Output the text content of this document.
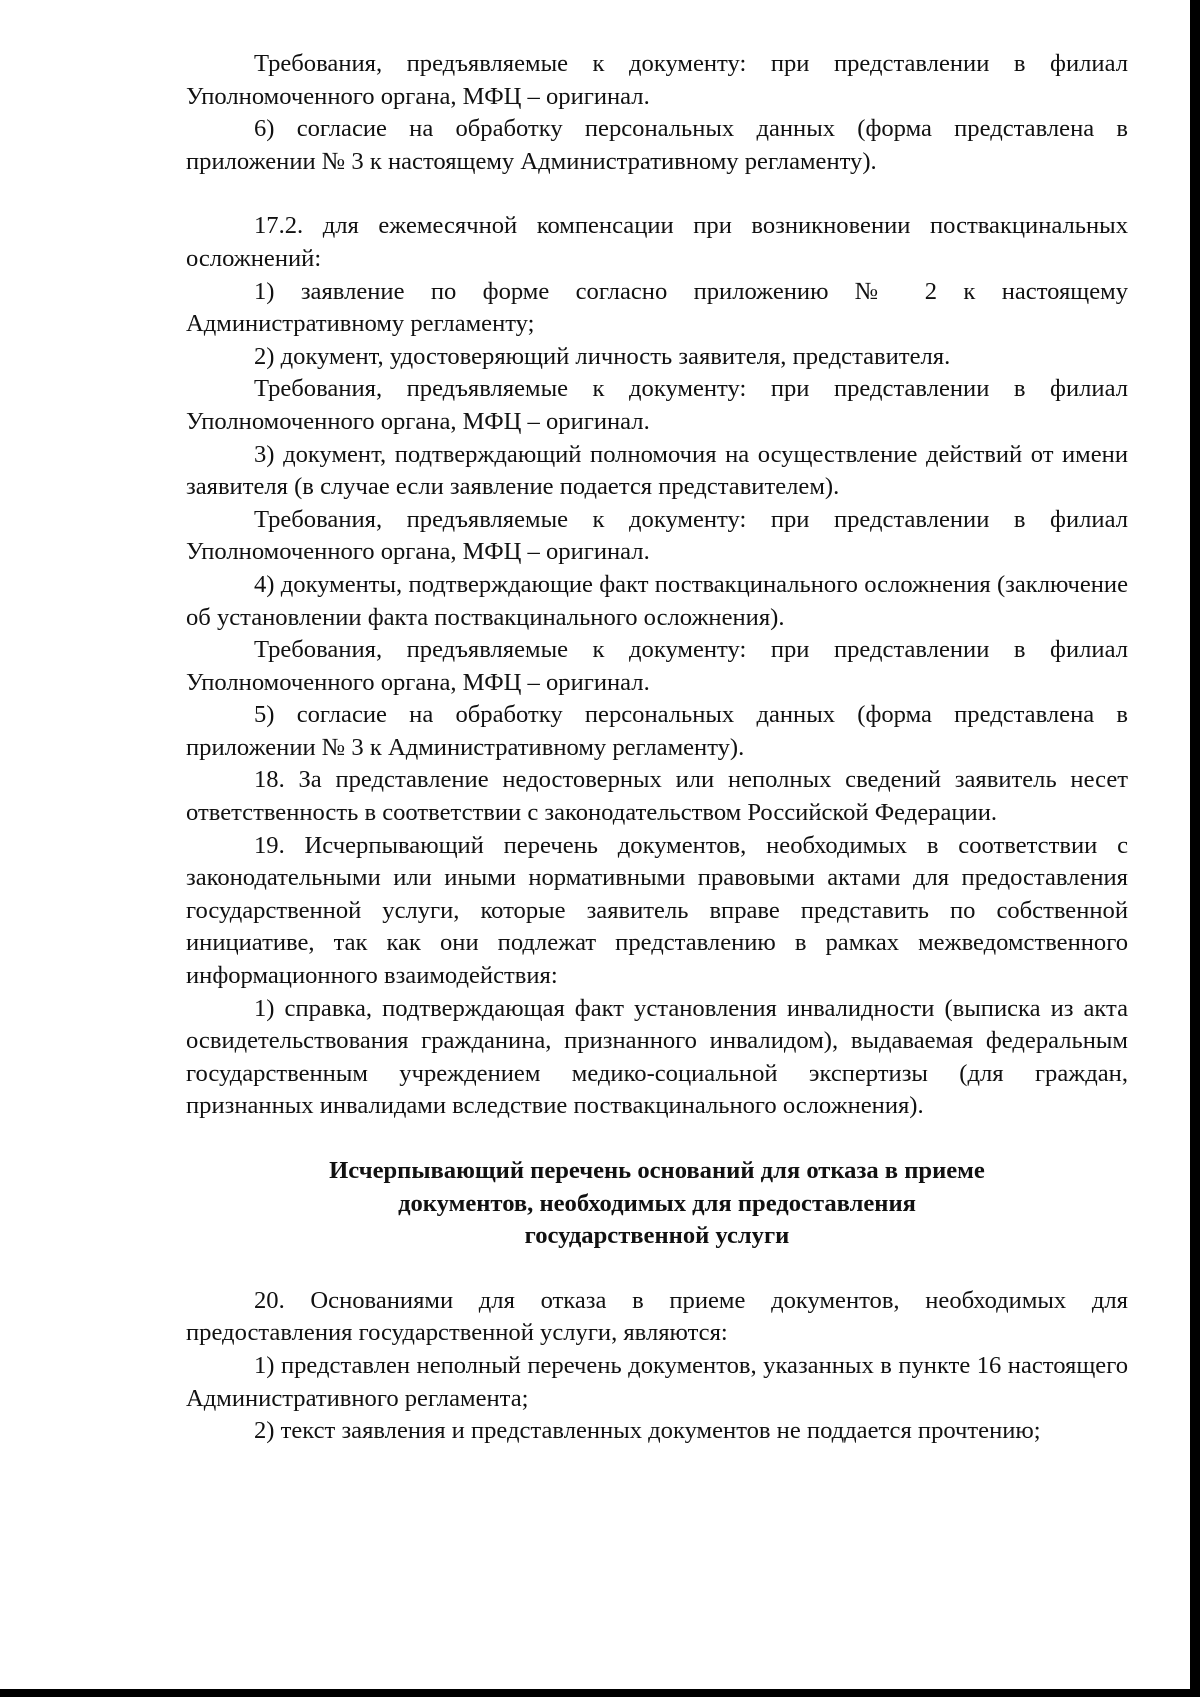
Требования, предъявляемые к документу: при представлении в филиал Уполномоченного органа, МФЦ – оригинал.

6) согласие на обработку персональных данных (форма представлена в приложении № 3 к настоящему Административному регламенту).

17.2. для ежемесячной компенсации при возникновении поствакцинальных осложнений:

1) заявление по форме согласно приложению № 2 к настоящему Административному регламенту;

2) документ, удостоверяющий личность заявителя, представителя.

Требования, предъявляемые к документу: при представлении в филиал Уполномоченного органа, МФЦ – оригинал.

3) документ, подтверждающий полномочия на осуществление действий от имени заявителя (в случае если заявление подается представителем).

Требования, предъявляемые к документу: при представлении в филиал Уполномоченного органа, МФЦ – оригинал.

4) документы, подтверждающие факт поствакцинального осложнения (заключение об установлении факта поствакцинального осложнения).

Требования, предъявляемые к документу: при представлении в филиал Уполномоченного органа, МФЦ – оригинал.

5) согласие на обработку персональных данных (форма представлена в приложении № 3 к Административному регламенту).

18. За представление недостоверных или неполных сведений заявитель несет ответственность в соответствии с законодательством Российской Федерации.

19. Исчерпывающий перечень документов, необходимых в соответствии с законодательными или иными нормативными правовыми актами для предоставления государственной услуги, которые заявитель вправе представить по собственной инициативе, так как они подлежат представлению в рамках межведомственного информационного взаимодействия:

1) справка, подтверждающая факт установления инвалидности (выписка из акта освидетельствования гражданина, признанного инвалидом), выдаваемая федеральным государственным учреждением медико-социальной экспертизы (для граждан, признанных инвалидами вследствие поствакцинального осложнения).

Исчерпывающий перечень оснований для отказа в приеме
документов, необходимых для предоставления
государственной услуги

20. Основаниями для отказа в приеме документов, необходимых для предоставления государственной услуги, являются:

1) представлен неполный перечень документов, указанных в пункте 16 настоящего Административного регламента;

2) текст заявления и представленных документов не поддается прочтению;
